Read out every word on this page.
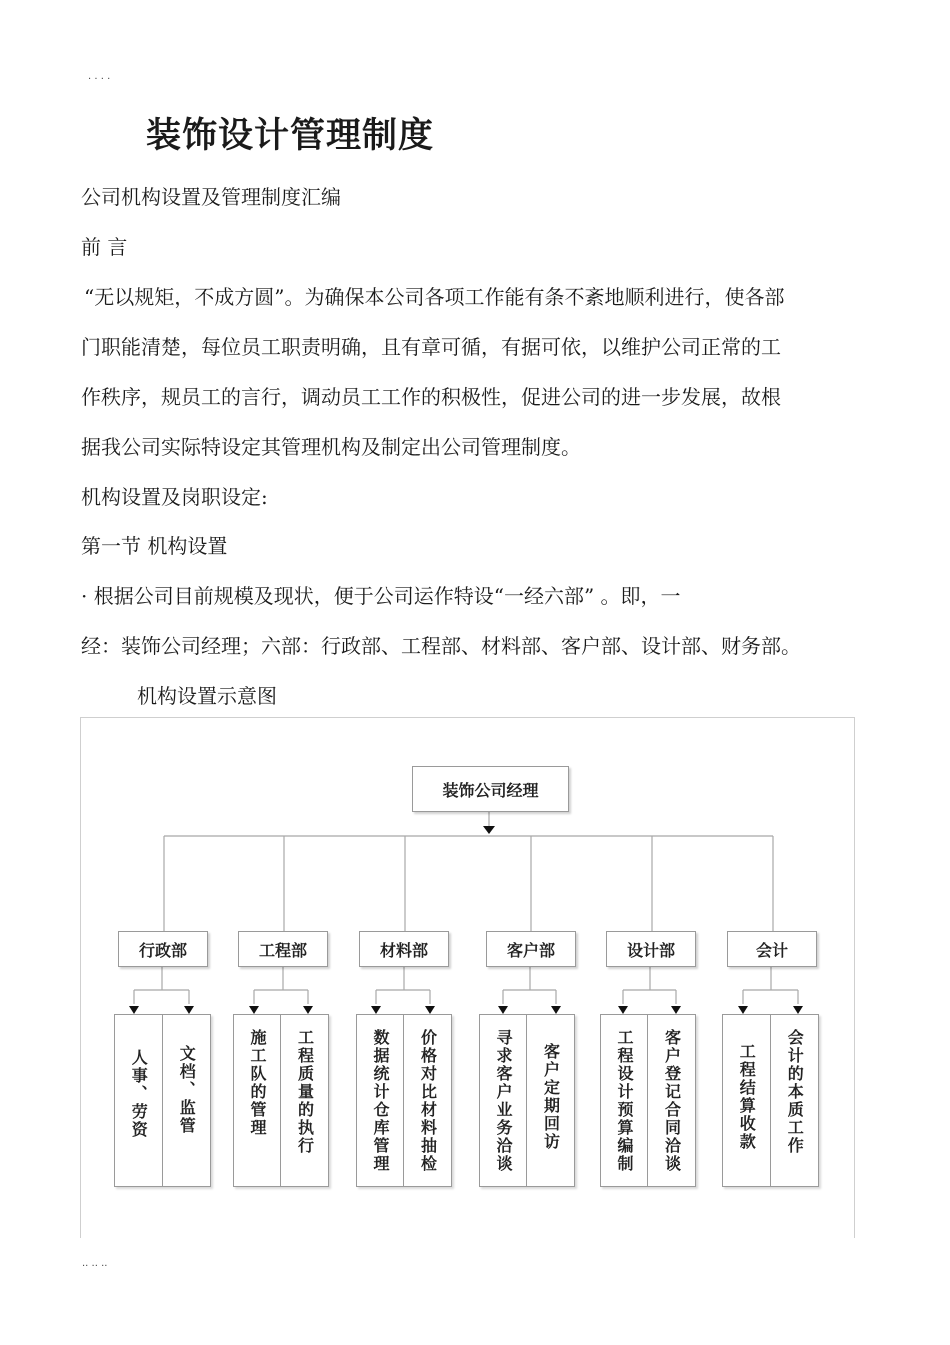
· · · ·
装饰设计管理制度
公司机构设置及管理制度汇编
前 言
“无以规矩，不成方圆”。为确保本公司各项工作能有条不紊地顺利进行，使各部
门职能清楚，每位员工职责明确，且有章可循，有据可依，以维护公司正常的工
作秩序，规员工的言行，调动员工工作的积极性，促进公司的进一步发展，故根
据我公司实际特设定其管理机构及制定出公司管理制度。
机构设置及岗职设定:
第一节 机构设置
· 根据公司目前规模及现状，便于公司运作特设“一经六部” 。即，一
经：装饰公司经理；六部：行政部、工程部、材料部、客户部、设计部、财务部。
机构设置示意图
装饰公司经理
行政部	工程部	材料部	客户部	设计部	会计
人事、劳资 文档、监管	施工队的管理 工程质量的执行	数据统计仓库管理 价格对比材料抽检	寻求客户业务洽谈 客户定期回访	工程设计预算编制 客户登记合同洽谈	工程结算收款 会计的本质工作
.. .. ..
